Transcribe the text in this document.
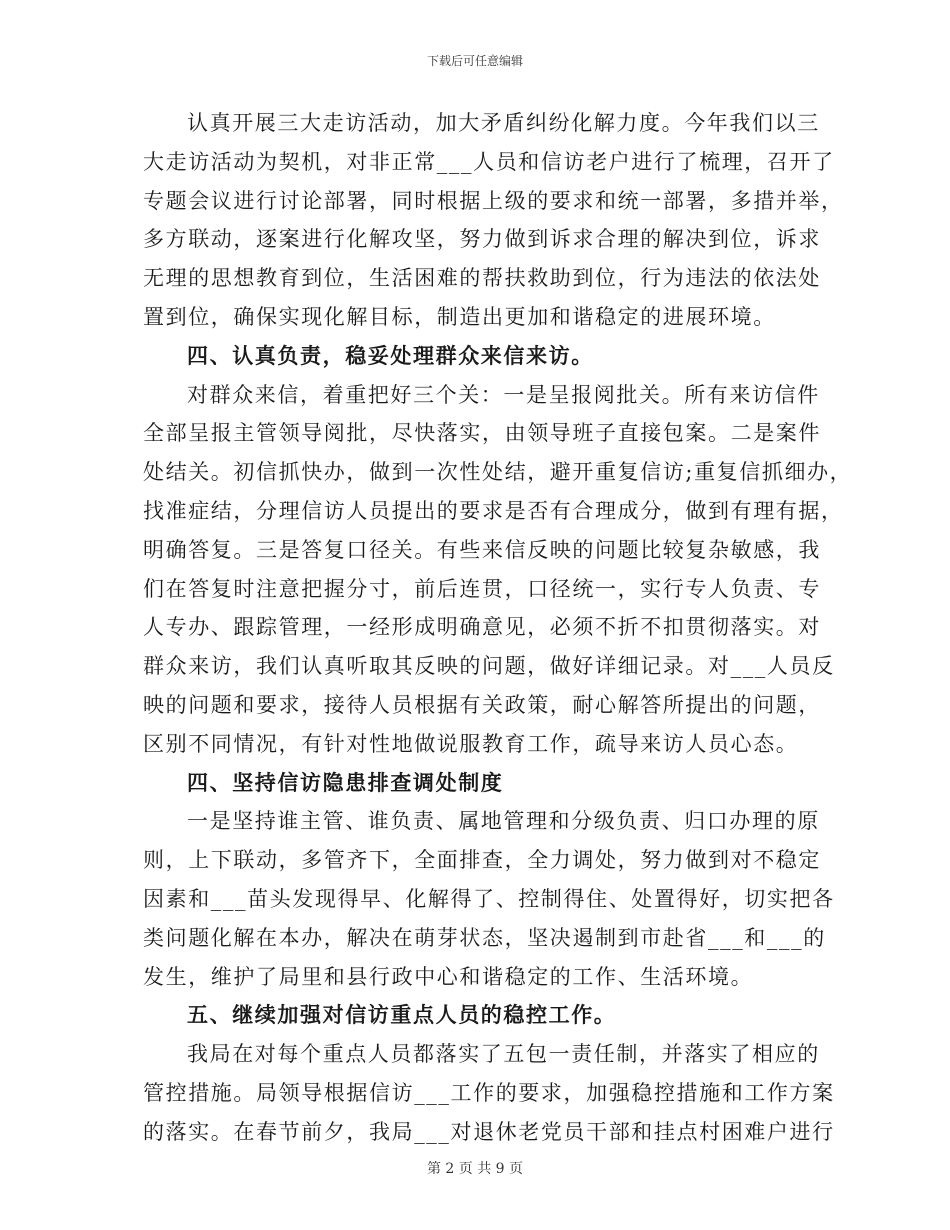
下载后可任意编辑
认真开展三大走访活动，加大矛盾纠纷化解力度。今年我们以三
大走访活动为契机，对非正常___人员和信访老户进行了梳理，召开了
专题会议进行讨论部署，同时根据上级的要求和统一部署，多措并举，
多方联动，逐案进行化解攻坚，努力做到诉求合理的解决到位，诉求
无理的思想教育到位，生活困难的帮扶救助到位，行为违法的依法处
置到位，确保实现化解目标，制造出更加和谐稳定的进展环境。
四、认真负责，稳妥处理群众来信来访。
对群众来信，着重把好三个关：一是呈报阅批关。所有来访信件
全部呈报主管领导阅批，尽快落实，由领导班子直接包案。二是案件
处结关。初信抓快办，做到一次性处结，避开重复信访;重复信抓细办，
找准症结，分理信访人员提出的要求是否有合理成分，做到有理有据，
明确答复。三是答复口径关。有些来信反映的问题比较复杂敏感，我
们在答复时注意把握分寸，前后连贯，口径统一，实行专人负责、专
人专办、跟踪管理，一经形成明确意见，必须不折不扣贯彻落实。对
群众来访，我们认真听取其反映的问题，做好详细记录。对___人员反
映的问题和要求，接待人员根据有关政策，耐心解答所提出的问题，
区别不同情况，有针对性地做说服教育工作，疏导来访人员心态。
四、坚持信访隐患排查调处制度
一是坚持谁主管、谁负责、属地管理和分级负责、归口办理的原
则，上下联动，多管齐下，全面排查，全力调处，努力做到对不稳定
因素和___苗头发现得早、化解得了、控制得住、处置得好，切实把各
类问题化解在本办，解决在萌芽状态，坚决遏制到市赴省___和___的
发生，维护了局里和县行政中心和谐稳定的工作、生活环境。
五、继续加强对信访重点人员的稳控工作。
我局在对每个重点人员都落实了五包一责任制，并落实了相应的
管控措施。局领导根据信访___工作的要求，加强稳控措施和工作方案
的落实。在春节前夕，我局___对退休老党员干部和挂点村困难户进行
第 2 页 共 9 页
